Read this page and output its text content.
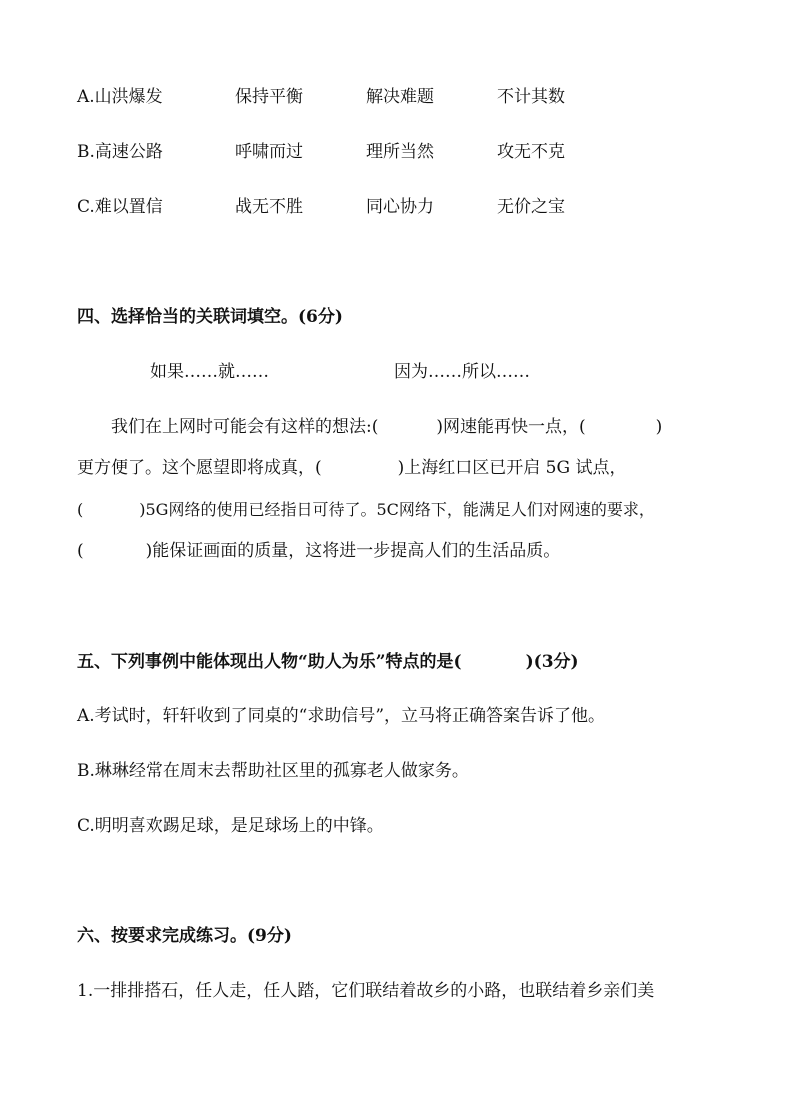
A.山洪爆发	保持平衡	解决难题	不计其数
B.高速公路	呼啸而过	理所当然	攻无不克
C.难以置信	战无不胜	同心协力	无价之宝
四、选择恰当的关联词填空。(6分)
如果……就……	因为……所以……
我们在上网时可能会有这样的想法:(	)网速能再快一点，(	)
更方便了。这个愿望即将成真，(	)上海红口区已开启 5G 试点，
(	)5G网络的使用已经指日可待了。5C网络下，能满足人们对网速的要求，
(	)能保证画面的质量，这将进一步提高人们的生活品质。
五、下列事例中能体现出人物“助人为乐”特点的是(	)(3分)
A.考试时，轩轩收到了同桌的“求助信号”，立马将正确答案告诉了他。
B.琳琳经常在周末去帮助社区里的孤寡老人做家务。
C.明明喜欢踢足球，是足球场上的中锋。
六、按要求完成练习。(9分)
1.一排排搭石，任人走，任人踏，它们联结着故乡的小路，也联结着乡亲们美
